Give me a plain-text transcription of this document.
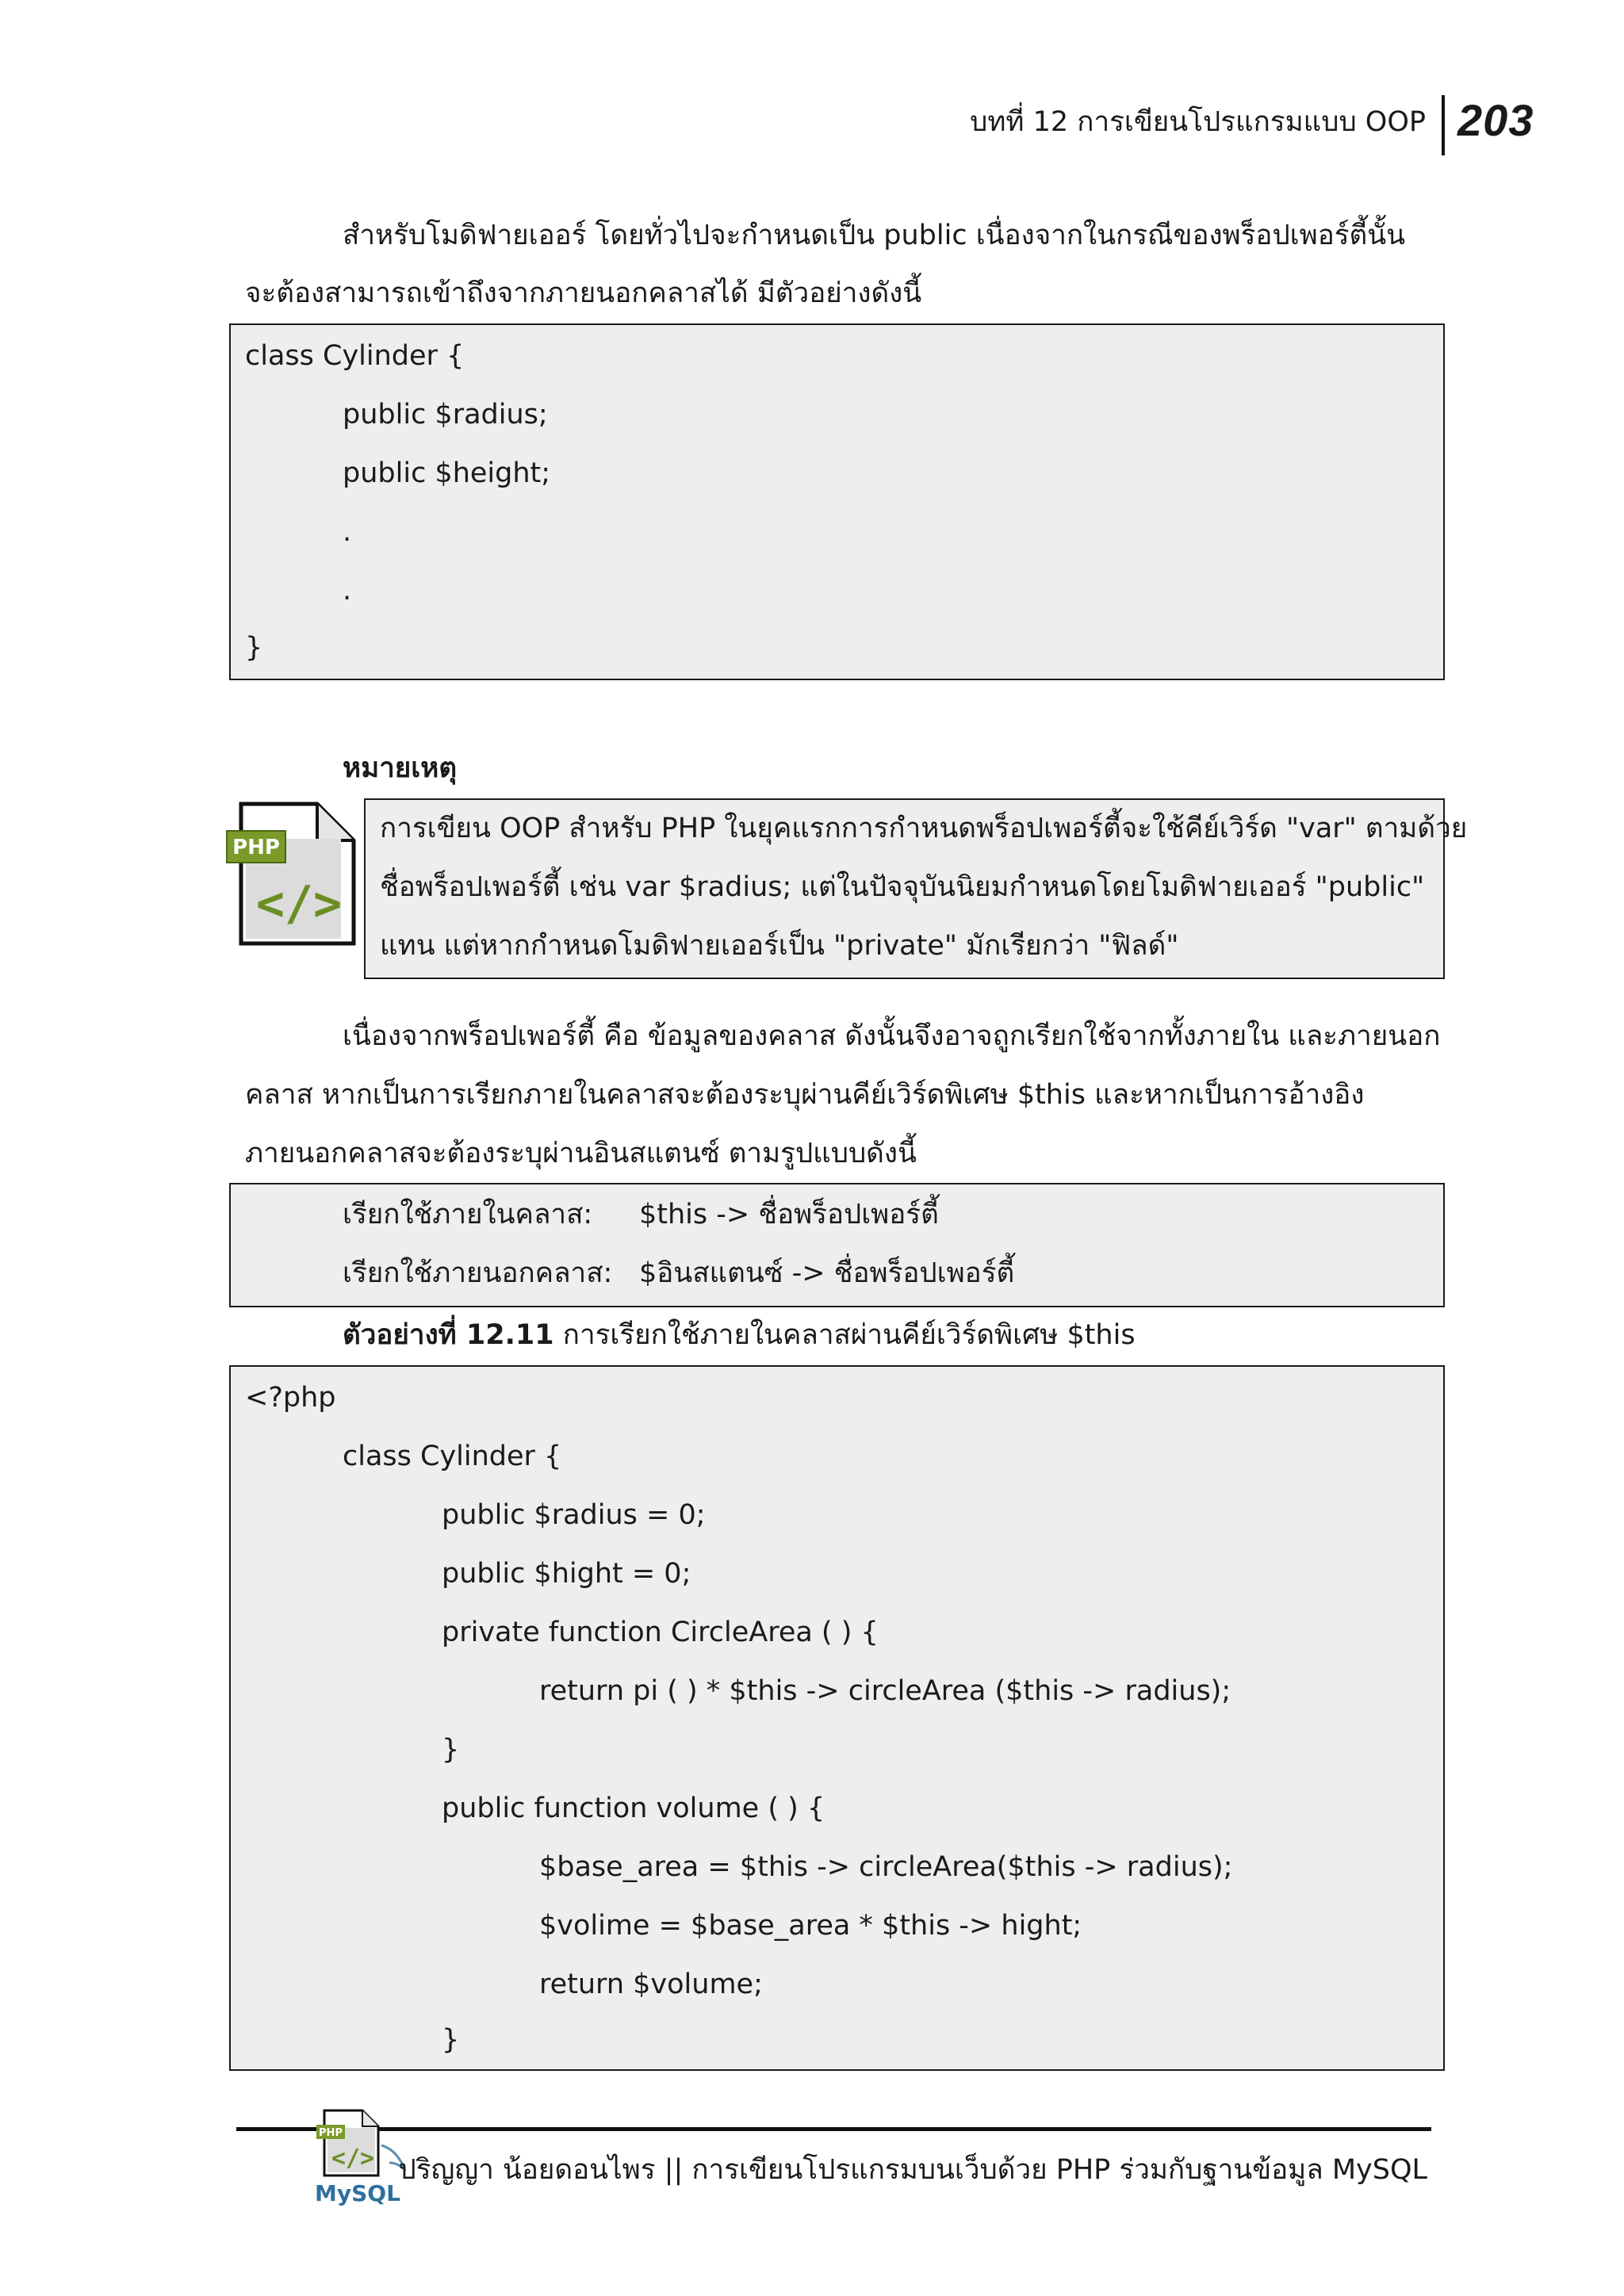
บทที่ 12 การเขียนโปรแกรมแบบ OOP 203
สำหรับโมดิฟายเออร์ โดยทั่วไปจะกำหนดเป็น public เนื่องจากในกรณีของพร็อปเพอร์ตี้นั้น
จะต้องสามารถเข้าถึงจากภายนอกคลาสได้ มีตัวอย่างดังนี้
class Cylinder {
public $radius;
public $height;
.
.
}
หมายเหตุ
PHP
</>
การเขียน OOP สำหรับ PHP ในยุคแรกการกำหนดพร็อปเพอร์ตี้จะใช้คีย์เวิร์ด "var" ตามด้วย
ชื่อพร็อปเพอร์ตี้ เช่น var $radius; แต่ในปัจจุบันนิยมกำหนดโดยโมดิฟายเออร์ "public"
แทน แต่หากกำหนดโมดิฟายเออร์เป็น "private" มักเรียกว่า "ฟิลด์"
เนื่องจากพร็อปเพอร์ตี้ คือ ข้อมูลของคลาส ดังนั้นจึงอาจถูกเรียกใช้จากทั้งภายใน และภายนอก
คลาส หากเป็นการเรียกภายในคลาสจะต้องระบุผ่านคีย์เวิร์ดพิเศษ $this และหากเป็นการอ้างอิง
ภายนอกคลาสจะต้องระบุผ่านอินสแตนซ์ ตามรูปแบบดังนี้
เรียกใช้ภายในคลาส: $this -> ชื่อพร็อปเพอร์ตี้
เรียกใช้ภายนอกคลาส: $อินสแตนซ์ -> ชื่อพร็อปเพอร์ตี้
ตัวอย่างที่ 12.11 การเรียกใช้ภายในคลาสผ่านคีย์เวิร์ดพิเศษ $this
<?php
class Cylinder {
public $radius = 0;
public $hight = 0;
private function CircleArea ( ) {
return pi ( ) * $this -> circleArea ($this -> radius);
}
public function volume ( ) {
$base_area = $this -> circleArea($this -> radius);
$volime = $base_area * $this -> hight;
return $volume;
}
PHP
</>
MySQL
ปริญญา น้อยดอนไพร || การเขียนโปรแกรมบนเว็บด้วย PHP ร่วมกับฐานข้อมูล MySQL
